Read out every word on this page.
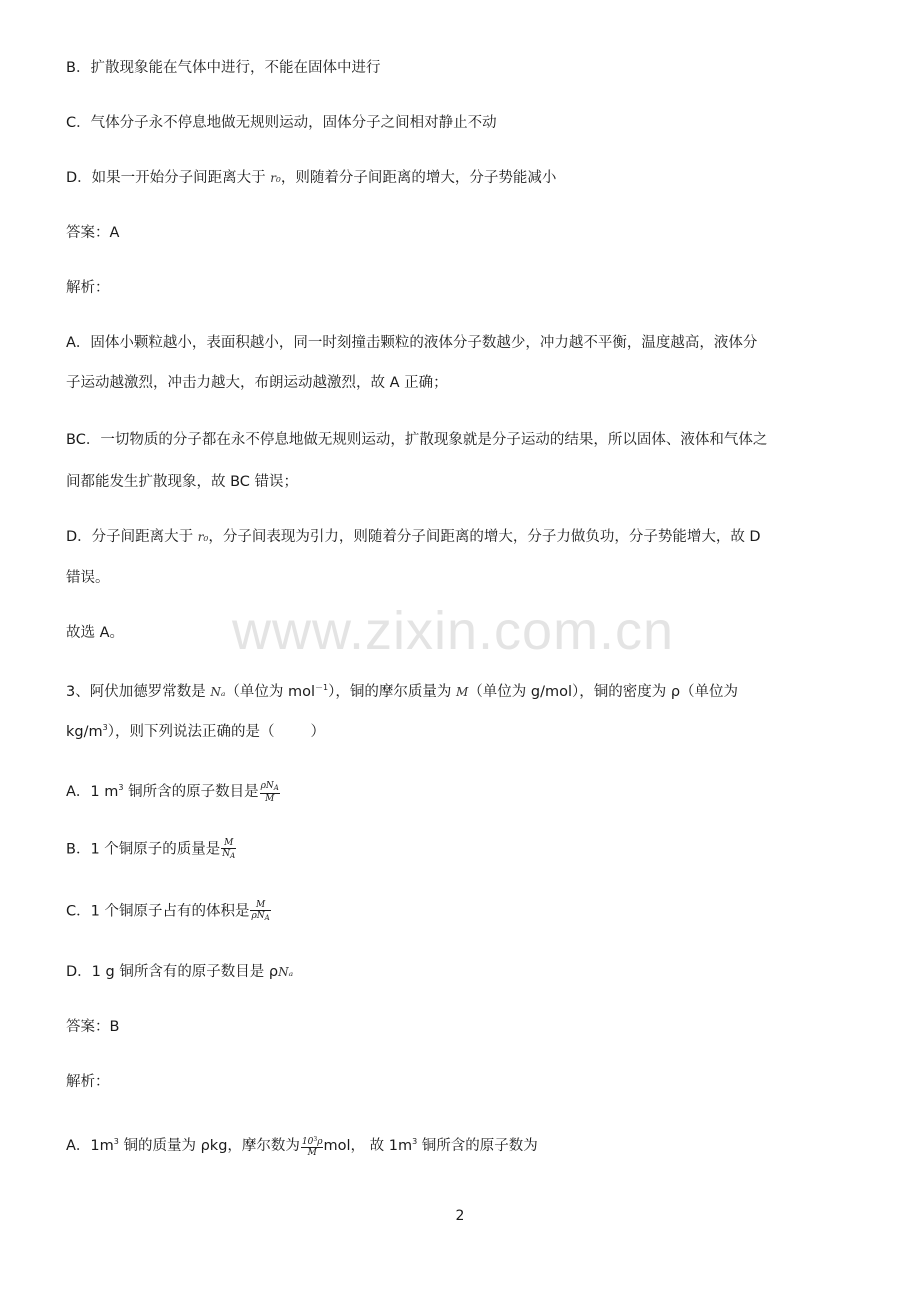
www.zixin.com.cn
B．扩散现象能在气体中进行，不能在固体中进行
C．气体分子永不停息地做无规则运动，固体分子之间相对静止不动
D．如果一开始分子间距离大于 r₀，则随着分子间距离的增大，分子势能减小
答案：A
解析：
A．固体小颗粒越小，表面积越小，同一时刻撞击颗粒的液体分子数越少，冲力越不平衡，温度越高，液体分
子运动越激烈，冲击力越大，布朗运动越激烈，故 A 正确；
BC．一切物质的分子都在永不停息地做无规则运动，扩散现象就是分子运动的结果，所以固体、液体和气体之
间都能发生扩散现象，故 BC 错误；
D．分子间距离大于 r₀，分子间表现为引力，则随着分子间距离的增大，分子力做负功，分子势能增大，故 D
错误。
故选 A。
3、阿伏加德罗常数是 Nₐ（单位为 mol$^{-1}$），铜的摩尔质量为 M（单位为 g/mol），铜的密度为 ρ（单位为
$kg/m^3$），则下列说法正确的是（ ）
A．1 $m^3$ 铜所含的原子数目是 $\frac{\rho N_A}{M}$
B．1 个铜原子的质量是 $\frac{M}{N_A}$
C．1 个铜原子占有的体积是 $\frac{M}{\rho N_A}$
D．1 g 铜所含有的原子数目是 ρNₐ
答案：B
解析：
A．$1m^3$ 铜的质量为 ρkg，摩尔数为 $\frac{10^3\rho}{M}$ mol， 故 $1m^3$ 铜所含的原子数为
2
